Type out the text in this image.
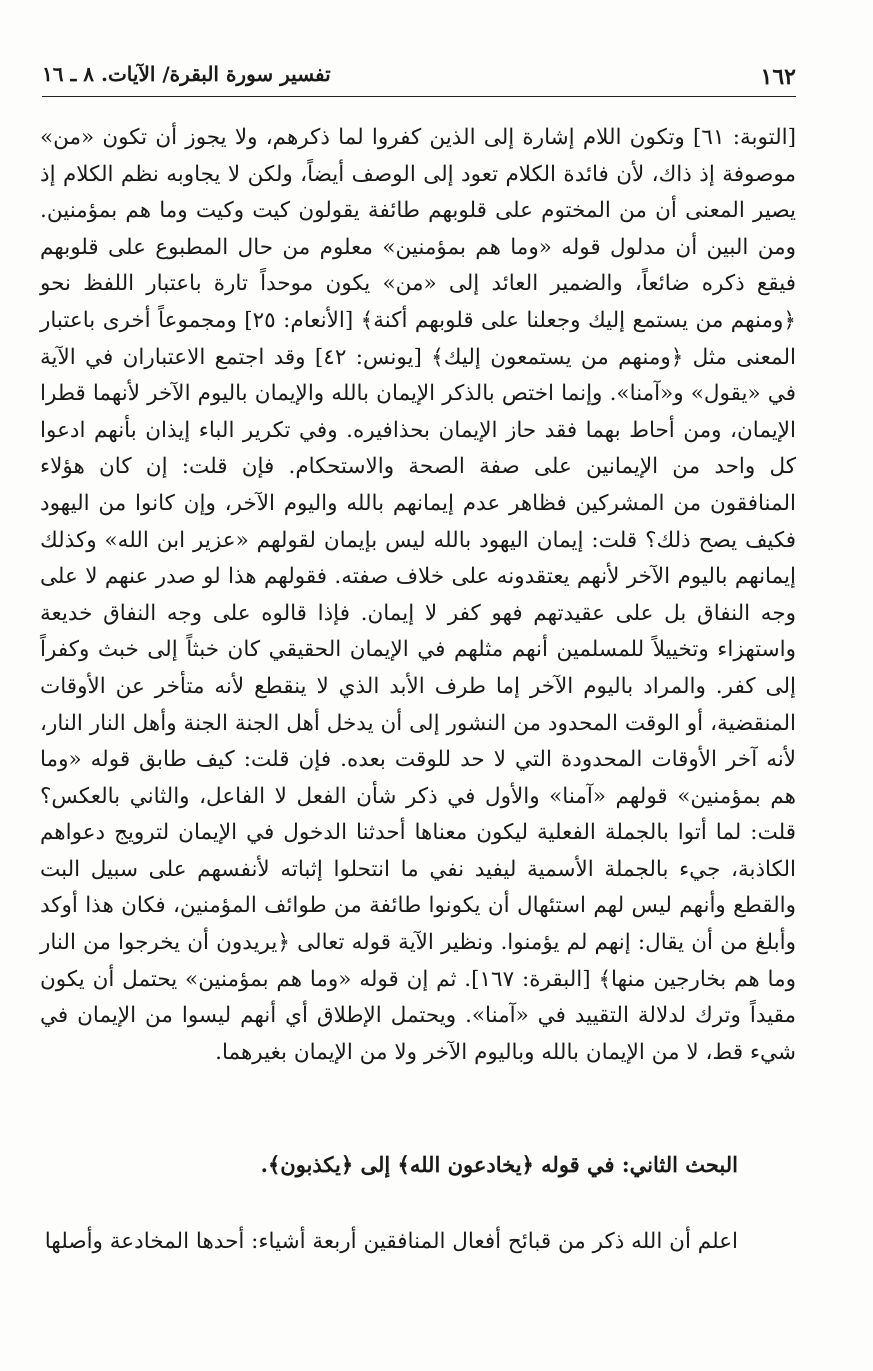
١٦٢
تفسير سورة البقرة/ الآيات. ٨ ـ ١٦

[التوبة: ٦١] وتكون اللام إشارة إلى الذين كفروا لما ذكرهم، ولا يجوز أن تكون «من» موصوفة إذ ذاك، لأن فائدة الكلام تعود إلى الوصف أيضاً، ولكن لا يجاوبه نظم الكلام إذ يصير المعنى أن من المختوم على قلوبهم طائفة يقولون كيت وكيت وما هم بمؤمنين. ومن البين أن مدلول قوله «وما هم بمؤمنين» معلوم من حال المطبوع على قلوبهم فيقع ذكره ضائعاً، والضمير العائد إلى «من» يكون موحداً تارة باعتبار اللفظ نحو ﴿ومنهم من يستمع إليك وجعلنا على قلوبهم أكنة﴾ [الأنعام: ٢٥] ومجموعاً أخرى باعتبار المعنى مثل ﴿ومنهم من يستمعون إليك﴾ [يونس: ٤٢] وقد اجتمع الاعتباران في الآية في «يقول» و«آمنا». وإنما اختص بالذكر الإيمان بالله والإيمان باليوم الآخر لأنهما قطرا الإيمان، ومن أحاط بهما فقد حاز الإيمان بحذافيره. وفي تكرير الباء إيذان بأنهم ادعوا كل واحد من الإيمانين على صفة الصحة والاستحكام. فإن قلت: إن كان هؤلاء المنافقون من المشركين فظاهر عدم إيمانهم بالله واليوم الآخر، وإن كانوا من اليهود فكيف يصح ذلك؟ قلت: إيمان اليهود بالله ليس بإيمان لقولهم «عزير ابن الله» وكذلك إيمانهم باليوم الآخر لأنهم يعتقدونه على خلاف صفته. فقولهم هذا لو صدر عنهم لا على وجه النفاق بل على عقيدتهم فهو كفر لا إيمان. فإذا قالوه على وجه النفاق خديعة واستهزاء وتخييلاً للمسلمين أنهم مثلهم في الإيمان الحقيقي كان خبثاً إلى خبث وكفراً إلى كفر. والمراد باليوم الآخر إما طرف الأبد الذي لا ينقطع لأنه متأخر عن الأوقات المنقضية، أو الوقت المحدود من النشور إلى أن يدخل أهل الجنة الجنة وأهل النار النار، لأنه آخر الأوقات المحدودة التي لا حد للوقت بعده. فإن قلت: كيف طابق قوله «وما هم بمؤمنين» قولهم «آمنا» والأول في ذكر شأن الفعل لا الفاعل، والثاني بالعكس؟ قلت: لما أتوا بالجملة الفعلية ليكون معناها أحدثنا الدخول في الإيمان لترويج دعواهم الكاذبة، جيء بالجملة الأسمية ليفيد نفي ما انتحلوا إثباته لأنفسهم على سبيل البت والقطع وأنهم ليس لهم استئهال أن يكونوا طائفة من طوائف المؤمنين، فكان هذا أوكد وأبلغ من أن يقال: إنهم لم يؤمنوا. ونظير الآية قوله تعالى ﴿يريدون أن يخرجوا من النار وما هم بخارجين منها﴾ [البقرة: ١٦٧]. ثم إن قوله «وما هم بمؤمنين» يحتمل أن يكون مقيداً وترك لدلالة التقييد في «آمنا». ويحتمل الإطلاق أي أنهم ليسوا من الإيمان في شيء قط، لا من الإيمان بالله وباليوم الآخر ولا من الإيمان بغيرهما.

البحث الثاني: في قوله ﴿يخادعون الله﴾ إلى ﴿يكذبون﴾.
اعلم أن الله ذكر من قبائح أفعال المنافقين أربعة أشياء: أحدها المخادعة وأصلها
